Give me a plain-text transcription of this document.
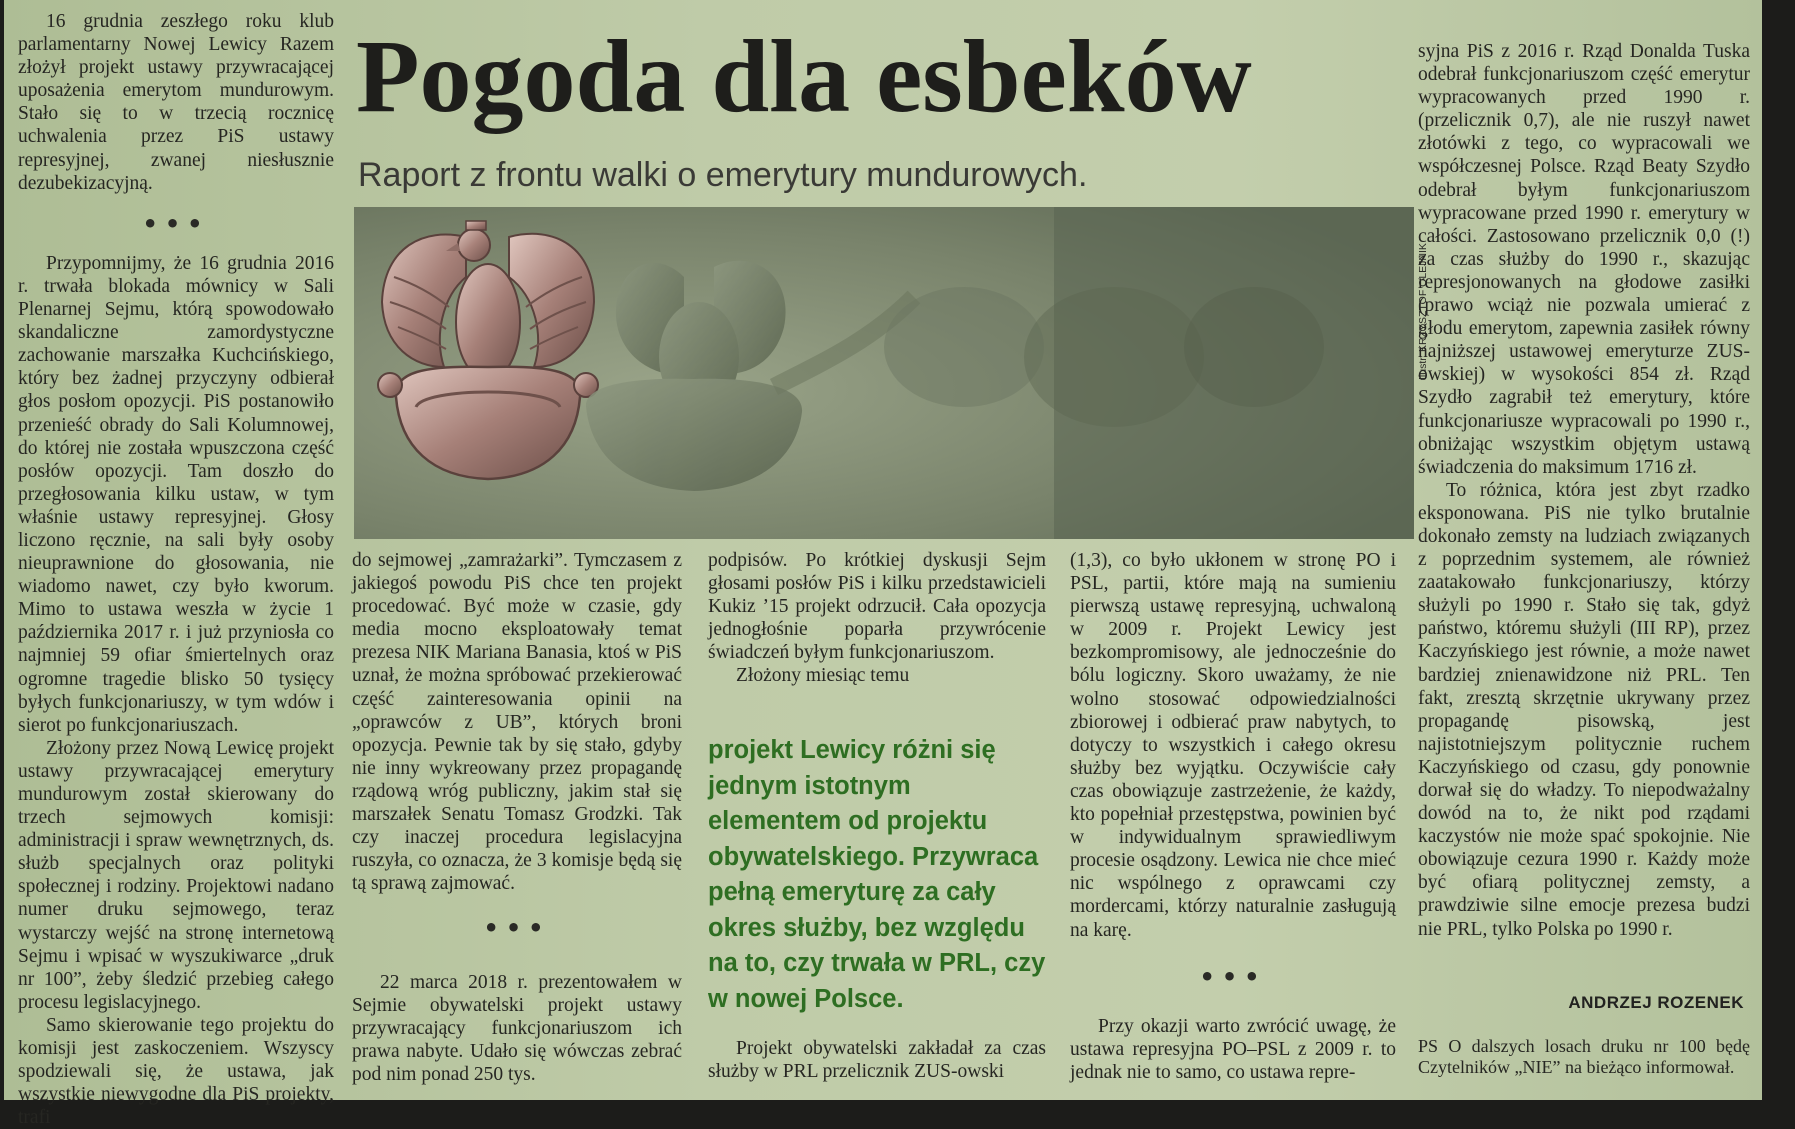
16 grudnia zeszłego roku klub parlamentarny Nowej Lewicy Razem złożył projekt ustawy przywracającej uposażenia emerytom mundurowym. Stało się to w trzecią rocznicę uchwalenia przez PiS ustawy represyjnej, zwanej niesłusznie dezubekizacyjną.

•••

Przypomnijmy, że 16 grudnia 2016 r. trwała blokada mównicy w Sali Plenarnej Sejmu, którą spowodowało skandaliczne zamordystyczne zachowanie marszałka Kuchcińskiego, który bez żadnej przyczyny odbierał głos posłom opozycji. PiS postanowiło przenieść obrady do Sali Kolumnowej, do której nie została wpuszczona część posłów opozycji. Tam doszło do przegłosowania kilku ustaw, w tym właśnie ustawy represyjnej. Głosy liczono ręcznie, na sali były osoby nieuprawnione do głosowania, nie wiadomo nawet, czy było kworum. Mimo to ustawa weszła w życie 1 października 2017 r. i już przyniosła co najmniej 59 ofiar śmiertelnych oraz ogromne tragedie blisko 50 tysięcy byłych funkcjonariuszy, w tym wdów i sierot po funkcjonariuszach.

Złożony przez Nową Lewicę projekt ustawy przywracającej emerytury mundurowym został skierowany do trzech sejmowych komisji: administracji i spraw wewnętrznych, ds. służb specjalnych oraz polityki społecznej i rodziny. Projektowi nadano numer druku sejmowego, teraz wystarczy wejść na stronę internetową Sejmu i wpisać w wyszukiwarce „druk nr 100”, żeby śledzić przebieg całego procesu legislacyjnego.

Samo skierowanie tego projektu do komisji jest zaskoczeniem. Wszyscy spodziewali się, że ustawa, jak wszystkie niewygodne dla PiS projekty, trafi

Pogoda dla esbeków
Raport z frontu walki o emerytury mundurowych.
Ilustr. KRZYSZTOF OLEJNIK

do sejmowej „zamrażarki”. Tymczasem z jakiegoś powodu PiS chce ten projekt procedować. Być może w czasie, gdy media mocno eksploatowały temat prezesa NIK Mariana Banasia, ktoś w PiS uznał, że można spróbować przekierować część zainteresowania opinii na „oprawców z UB”, których broni opozycja. Pewnie tak by się stało, gdyby nie inny wykreowany przez propagandę rządową wróg publiczny, jakim stał się marszałek Senatu Tomasz Grodzki. Tak czy inaczej procedura legislacyjna ruszyła, co oznacza, że 3 komisje będą się tą sprawą zajmować.

•••

22 marca 2018 r. prezentowałem w Sejmie obywatelski projekt ustawy przywracający funkcjonariuszom ich prawa nabyte. Udało się wówczas zebrać pod nim ponad 250 tys.

podpisów. Po krótkiej dyskusji Sejm głosami posłów PiS i kilku przedstawicieli Kukiz ’15 projekt odrzucił. Cała opozycja jednogłośnie poparła przywrócenie świadczeń byłym funkcjonariuszom.

Złożony miesiąc temu

projekt Lewicy różni się jednym istotnym elementem od projektu obywatelskiego. Przywraca pełną emeryturę za cały okres służby, bez względu na to, czy trwała w PRL, czy w nowej Polsce.

Projekt obywatelski zakładał za czas służby w PRL przelicznik ZUS-owski

(1,3), co było ukłonem w stronę PO i PSL, partii, które mają na sumieniu pierwszą ustawę represyjną, uchwaloną w 2009 r. Projekt Lewicy jest bezkompromisowy, ale jednocześnie do bólu logiczny. Skoro uważamy, że nie wolno stosować odpowiedzialności zbiorowej i odbierać praw nabytych, to dotyczy to wszystkich i całego okresu służby bez wyjątku. Oczywiście cały czas obowiązuje zastrzeżenie, że każdy, kto popełniał przestępstwa, powinien być w indywidualnym sprawiedliwym procesie osądzony. Lewica nie chce mieć nic wspólnego z oprawcami czy mordercami, którzy naturalnie zasługują na karę.

•••

Przy okazji warto zwrócić uwagę, że ustawa represyjna PO–PSL z 2009 r. to jednak nie to samo, co ustawa repre-

syjna PiS z 2016 r. Rząd Donalda Tuska odebrał funkcjonariuszom część emerytur wypracowanych przed 1990 r. (przelicznik 0,7), ale nie ruszył nawet złotówki z tego, co wypracowali we współczesnej Polsce. Rząd Beaty Szydło odebrał byłym funkcjonariuszom wypracowane przed 1990 r. emerytury w całości. Zastosowano przelicznik 0,0 (!) za czas służby do 1990 r., skazując represjonowanych na głodowe zasiłki (prawo wciąż nie pozwala umierać z głodu emerytom, zapewnia zasiłek równy najniższej ustawowej emeryturze ZUS-owskiej) w wysokości 854 zł. Rząd Szydło zagrabił też emerytury, które funkcjonariusze wypracowali po 1990 r., obniżając wszystkim objętym ustawą świadczenia do maksimum 1716 zł.

To różnica, która jest zbyt rzadko eksponowana. PiS nie tylko brutalnie dokonało zemsty na ludziach związanych z poprzednim systemem, ale również zaatakowało funkcjonariuszy, którzy służyli po 1990 r. Stało się tak, gdyż państwo, któremu służyli (III RP), przez Kaczyńskiego jest równie, a może nawet bardziej znienawidzone niż PRL. Ten fakt, zresztą skrzętnie ukrywany przez propagandę pisowską, jest najistotniejszym politycznie ruchem Kaczyńskiego od czasu, gdy ponownie dorwał się do władzy. To niepodważalny dowód na to, że nikt pod rządami kaczystów nie może spać spokojnie. Nie obowiązuje cezura 1990 r. Każdy może być ofiarą politycznej zemsty, a prawdziwie silne emocje prezesa budzi nie PRL, tylko Polska po 1990 r.

ANDRZEJ ROZENEK

PS O dalszych losach druku nr 100 będę Czytelników „NIE” na bieżąco informował.
